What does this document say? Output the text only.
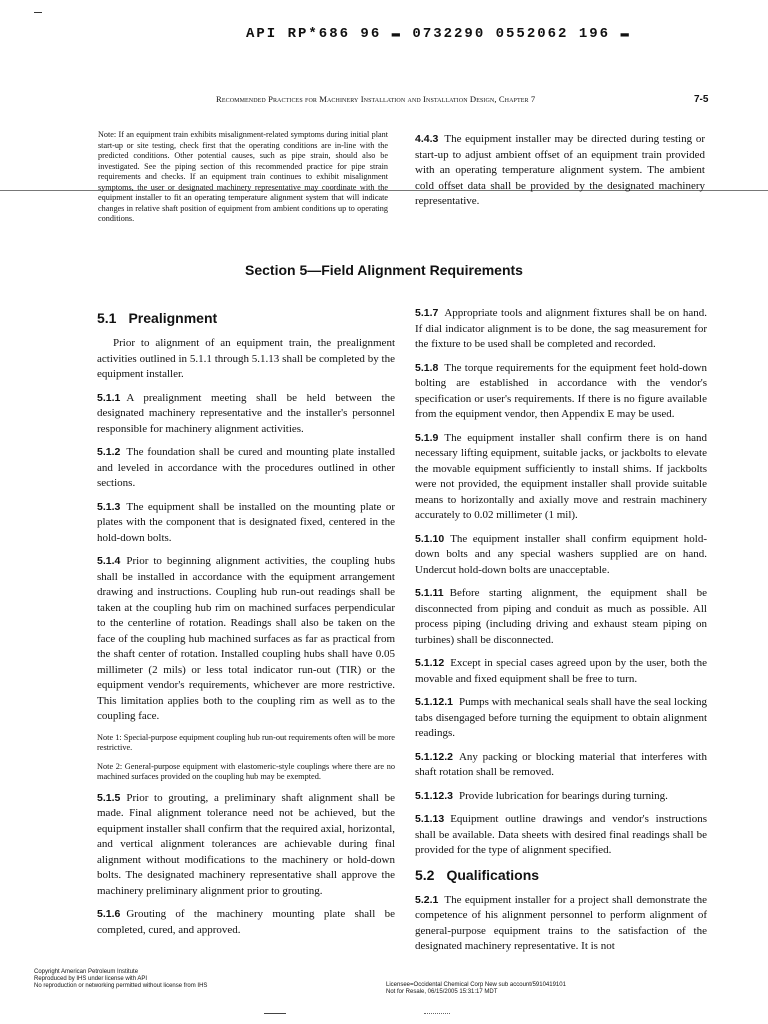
API RP*686 96 ▬ 0732290 0552062 196 ▬
Recommended Practices for Machinery Installation and Installation Design, Chapter 7	7-5
Note: If an equipment train exhibits misalignment-related symptoms during initial plant start-up or site testing, check first that the operating conditions are in-line with the predicted conditions. Other potential causes, such as pipe strain, should also be investigated. See the piping section of this recommended practice for pipe strain requirements and checks. If an equipment train continues to exhibit misalignment symptoms, the user or designated machinery representative may coordinate with the equipment installer to fit an operating temperature alignment system that will indicate changes in relative shaft position of equipment from ambient conditions up to operating conditions.
4.4.3 The equipment installer may be directed during testing or start-up to adjust ambient offset of an equipment train provided with an operating temperature alignment system. The ambient cold offset data shall be provided by the designated machinery representative.
Section 5—Field Alignment Requirements
5.1 Prealignment

Prior to alignment of an equipment train, the prealignment activities outlined in 5.1.1 through 5.1.13 shall be completed by the equipment installer.

5.1.1 A prealignment meeting shall be held between the designated machinery representative and the installer's personnel responsible for machinery alignment activities.

5.1.2 The foundation shall be cured and mounting plate installed and leveled in accordance with the procedures outlined in other sections.

5.1.3 The equipment shall be installed on the mounting plate or plates with the component that is designated fixed, centered in the hold-down bolts.

5.1.4 Prior to beginning alignment activities, the coupling hubs shall be installed in accordance with the equipment arrangement drawing and instructions. Coupling hub run-out readings shall be taken at the coupling hub rim on machined surfaces perpendicular to the centerline of rotation. Readings shall also be taken on the face of the coupling hub machined surfaces as far as practical from the shaft center of rotation. Installed coupling hubs shall have 0.05 millimeter (2 mils) or less total indicator run-out (TIR) or the equipment vendor's requirements, whichever are more restrictive. This limitation applies both to the coupling rim as well as to the coupling face.

Note 1: Special-purpose equipment coupling hub run-out requirements often will be more restrictive.

Note 2: General-purpose equipment with elastomeric-style couplings where there are no machined surfaces provided on the coupling hub may be exempted.

5.1.5 Prior to grouting, a preliminary shaft alignment shall be made. Final alignment tolerance need not be achieved, but the equipment installer shall confirm that the required axial, horizontal, and vertical alignment tolerances are achievable during final alignment without modifications to the machinery or hold-down bolts. The designated machinery representative shall approve the machinery preliminary alignment prior to grouting.

5.1.6 Grouting of the machinery mounting plate shall be completed, cured, and approved.

5.1.7 Appropriate tools and alignment fixtures shall be on hand. If dial indicator alignment is to be done, the sag measurement for the fixture to be used shall be completed and recorded.

5.1.8 The torque requirements for the equipment feet hold-down bolting are established in accordance with the vendor's specification or user's requirements. If there is no figure available from the equipment vendor, then Appendix E may be used.

5.1.9 The equipment installer shall confirm there is on hand necessary lifting equipment, suitable jacks, or jackbolts to elevate the movable equipment sufficiently to install shims. If jackbolts were not provided, the equipment installer shall provide suitable means to horizontally and axially move and restrain machinery accurately to 0.02 millimeter (1 mil).

5.1.10 The equipment installer shall confirm equipment hold-down bolts and any special washers supplied are on hand. Undercut hold-down bolts are unacceptable.

5.1.11 Before starting alignment, the equipment shall be disconnected from piping and conduit as much as possible. All process piping (including driving and exhaust steam piping on turbines) shall be disconnected.

5.1.12 Except in special cases agreed upon by the user, both the movable and fixed equipment shall be free to turn.

5.1.12.1 Pumps with mechanical seals shall have the seal locking tabs disengaged before turning the equipment to obtain alignment readings.

5.1.12.2 Any packing or blocking material that interferes with shaft rotation shall be removed.

5.1.12.3 Provide lubrication for bearings during turning.

5.1.13 Equipment outline drawings and vendor's instructions shall be available. Data sheets with desired final readings shall be provided for the type of alignment specified.

5.2 Qualifications

5.2.1 The equipment installer for a project shall demonstrate the competence of his alignment personnel to perform alignment of general-purpose equipment trains to the satisfaction of the designated machinery representative. It is not

Copyright American Petroleum Institute
Reproduced by IHS under license with API
No reproduction or networking permitted without license from IHS	Licensee=Occidental Chemical Corp New sub account/5910419101
Not for Resale, 06/15/2005 15:31:17 MDT
